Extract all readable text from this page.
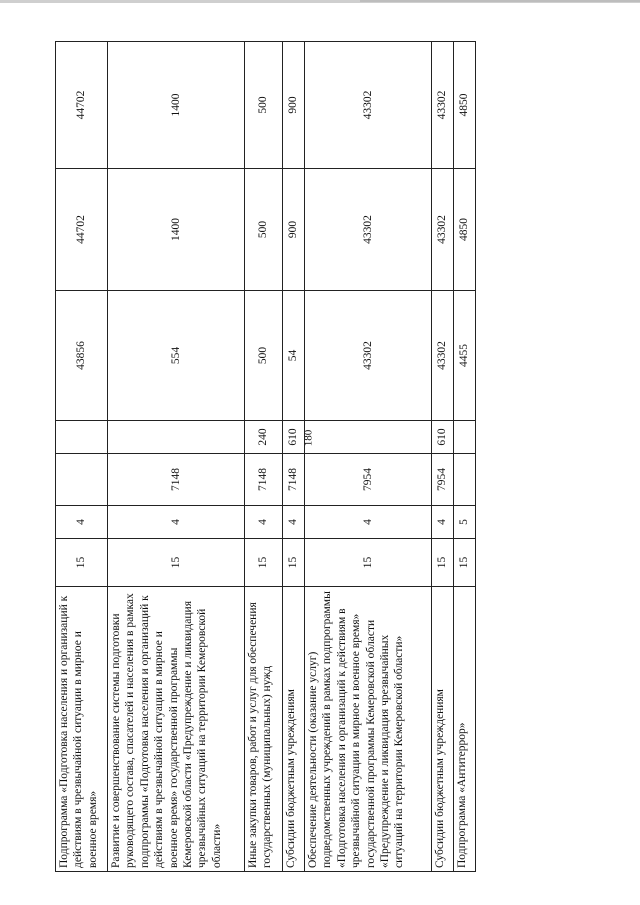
180
Подпрограмма «Подготовка населения и организаций к действиям в чрезвычайной ситуации в мирное и военное время»	15	4			43856	44702	44702
Развитие и совершенствование системы подготовки руководящего состава, спасателей и населения в рамках подпрограммы «Подготовка населения и организаций к действиям в чрезвычайной ситуации в мирное и военное время» государственной программы Кемеровской области «Предупреждение и ликвидация чрезвычайных ситуаций на территории Кемеровской области»	15	4	7148		554	1400	1400
Иные закупки товаров, работ и услуг для обеспечения государственных (муниципальных) нужд	15	4	7148	240	500	500	500
Субсидии бюджетным учреждениям	15	4	7148	610	54	900	900
Обеспечение деятельности (оказание услуг) подведомственных учреждений в рамках подпрограммы «Подготовка населения и организаций к действиям в чрезвычайной ситуации в мирное и военное время» государственной программы Кемеровской области «Предупреждение и ликвидация чрезвычайных ситуаций на территории Кемеровской области»	15	4	7954		43302	43302	43302
Субсидии бюджетным учреждениям	15	4	7954	610	43302	43302	43302
Подпрограмма «Антитеррор»	15	5			4455	4850	4850
